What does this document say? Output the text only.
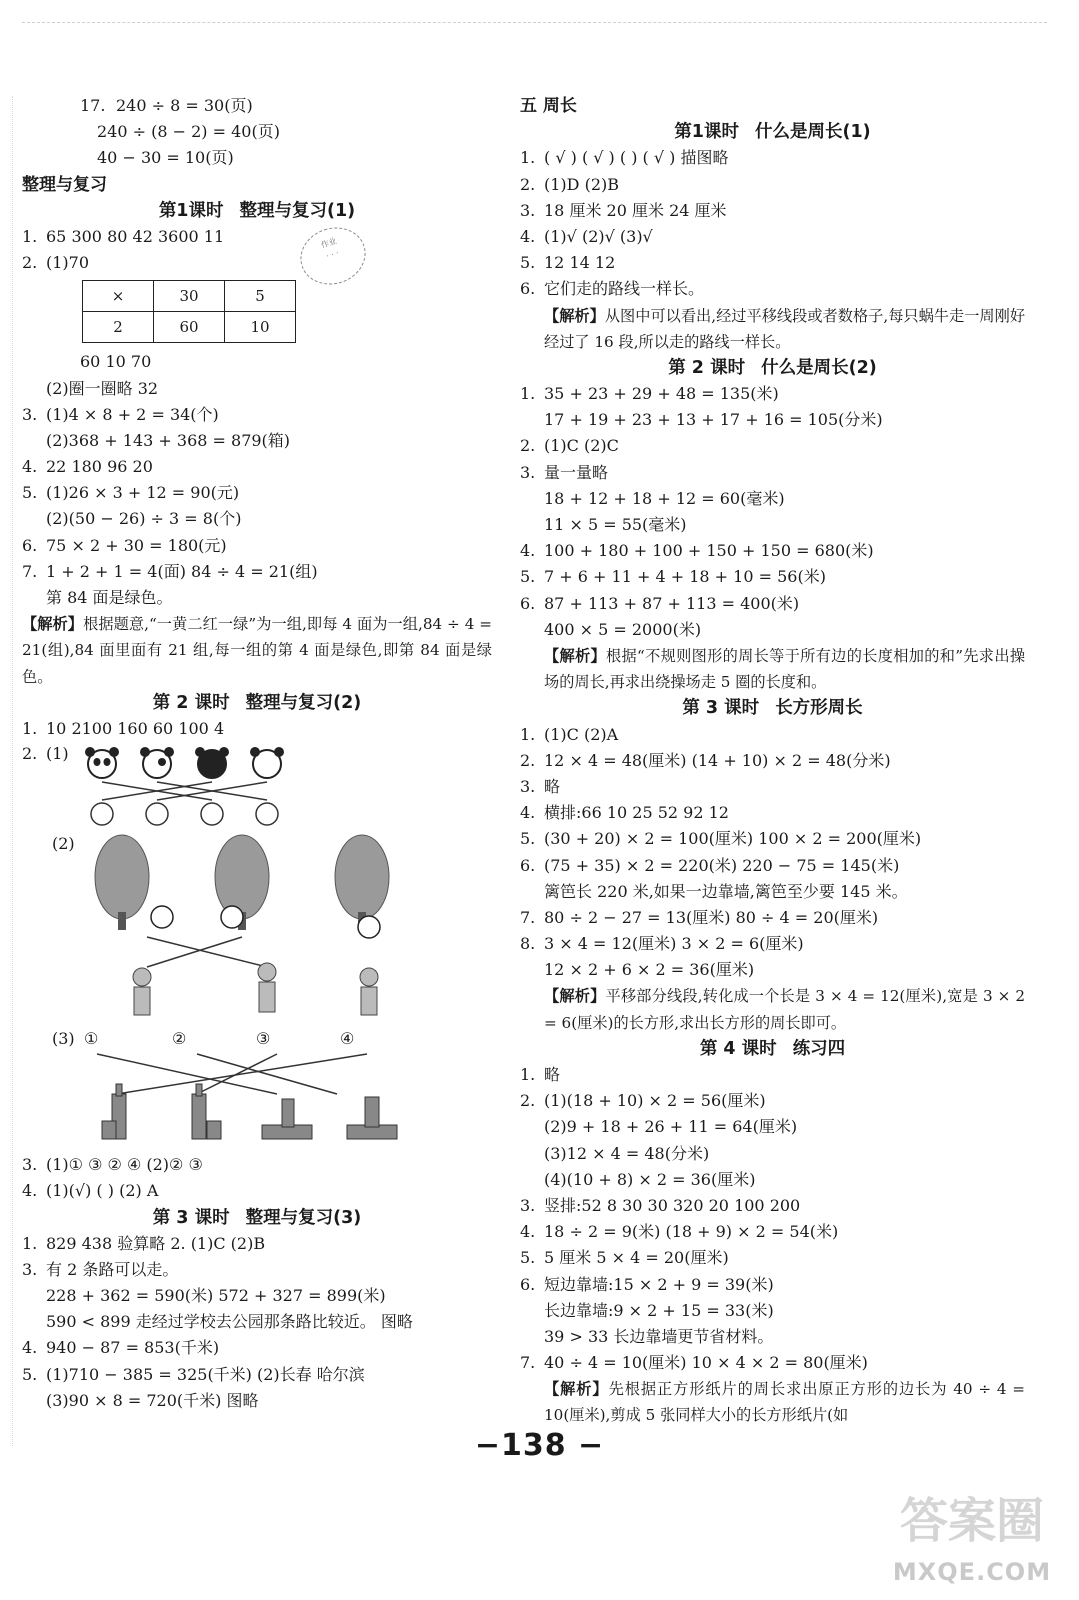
17. 240 ÷ 8 = 30(页)
240 ÷ (8 − 2) = 40(页)
40 − 30 = 10(页)
整理与复习
第1课时 整理与复习(1)
1. 65 300 80 42 3600 11
2. (1)70
×	30	5
2	60	10
60 10 70
(2)圈一圈略 32
3. (1)4 × 8 + 2 = 34(个)
(2)368 + 143 + 368 = 879(箱)
4. 22 180 96 20
5. (1)26 × 3 + 12 = 90(元)
(2)(50 − 26) ÷ 3 = 8(个)
6. 75 × 2 + 30 = 180(元)
7. 1 + 2 + 1 = 4(面) 84 ÷ 4 = 21(组)
第 84 面是绿色。
【解析】根据题意,“一黄二红一绿”为一组,即每 4 面为一组,84 ÷ 4 = 21(组),84 面里面有 21 组,每一组的第 4 面是绿色,即第 84 面是绿色。
第 2 课时 整理与复习(2)
1. 10 2100 160 60 100 4
2. (1)
(2)
(3) ①	②	③	④
3. (1)① ③ ② ④ (2)② ③
4. (1)(√) ( ) (2) A
第 3 课时 整理与复习(3)
1. 829 438 验算略 2. (1)C (2)B
3. 有 2 条路可以走。
228 + 362 = 590(米) 572 + 327 = 899(米)
590 < 899 走经过学校去公园那条路比较近。 图略
4. 940 − 87 = 853(千米)
5. (1)710 − 385 = 325(千米) (2)长春 哈尔滨
(3)90 × 8 = 720(千米) 图略
作业
· · ·
五 周长
第1课时 什么是周长(1)
1. ( √ ) ( √ ) ( ) ( √ ) 描图略
2. (1)D (2)B
3. 18 厘米 20 厘米 24 厘米
4. (1)√ (2)√ (3)√
5. 12 14 12
6. 它们走的路线一样长。
【解析】从图中可以看出,经过平移线段或者数格子,每只蜗牛走一周刚好经过了 16 段,所以走的路线一样长。
第 2 课时 什么是周长(2)
1. 35 + 23 + 29 + 48 = 135(米)
17 + 19 + 23 + 13 + 17 + 16 = 105(分米)
2. (1)C (2)C
3. 量一量略
18 + 12 + 18 + 12 = 60(毫米)
11 × 5 = 55(毫米)
4. 100 + 180 + 100 + 150 + 150 = 680(米)
5. 7 + 6 + 11 + 4 + 18 + 10 = 56(米)
6. 87 + 113 + 87 + 113 = 400(米)
400 × 5 = 2000(米)
【解析】根据“不规则图形的周长等于所有边的长度相加的和”先求出操场的周长,再求出绕操场走 5 圈的长度和。
第 3 课时 长方形周长
1. (1)C (2)A
2. 12 × 4 = 48(厘米) (14 + 10) × 2 = 48(分米)
3. 略
4. 横排:66 10 25 52 92 12
5. (30 + 20) × 2 = 100(厘米) 100 × 2 = 200(厘米)
6. (75 + 35) × 2 = 220(米) 220 − 75 = 145(米)
篱笆长 220 米,如果一边靠墙,篱笆至少要 145 米。
7. 80 ÷ 2 − 27 = 13(厘米) 80 ÷ 4 = 20(厘米)
8. 3 × 4 = 12(厘米) 3 × 2 = 6(厘米)
12 × 2 + 6 × 2 = 36(厘米)
【解析】平移部分线段,转化成一个长是 3 × 4 = 12(厘米),宽是 3 × 2 = 6(厘米)的长方形,求出长方形的周长即可。
第 4 课时 练习四
1. 略
2. (1)(18 + 10) × 2 = 56(厘米)
(2)9 + 18 + 26 + 11 = 64(厘米)
(3)12 × 4 = 48(分米)
(4)(10 + 8) × 2 = 36(厘米)
3. 竖排:52 8 30 30 320 20 100 200
4. 18 ÷ 2 = 9(米) (18 + 9) × 2 = 54(米)
5. 5 厘米 5 × 4 = 20(厘米)
6. 短边靠墙:15 × 2 + 9 = 39(米)
长边靠墙:9 × 2 + 15 = 33(米)
39 > 33 长边靠墙更节省材料。
7. 40 ÷ 4 = 10(厘米) 10 × 4 × 2 = 80(厘米)
【解析】先根据正方形纸片的周长求出原正方形的边长为 40 ÷ 4 = 10(厘米),剪成 5 张同样大小的长方形纸片(如
−138 −
答案圈
MXQE.COM
